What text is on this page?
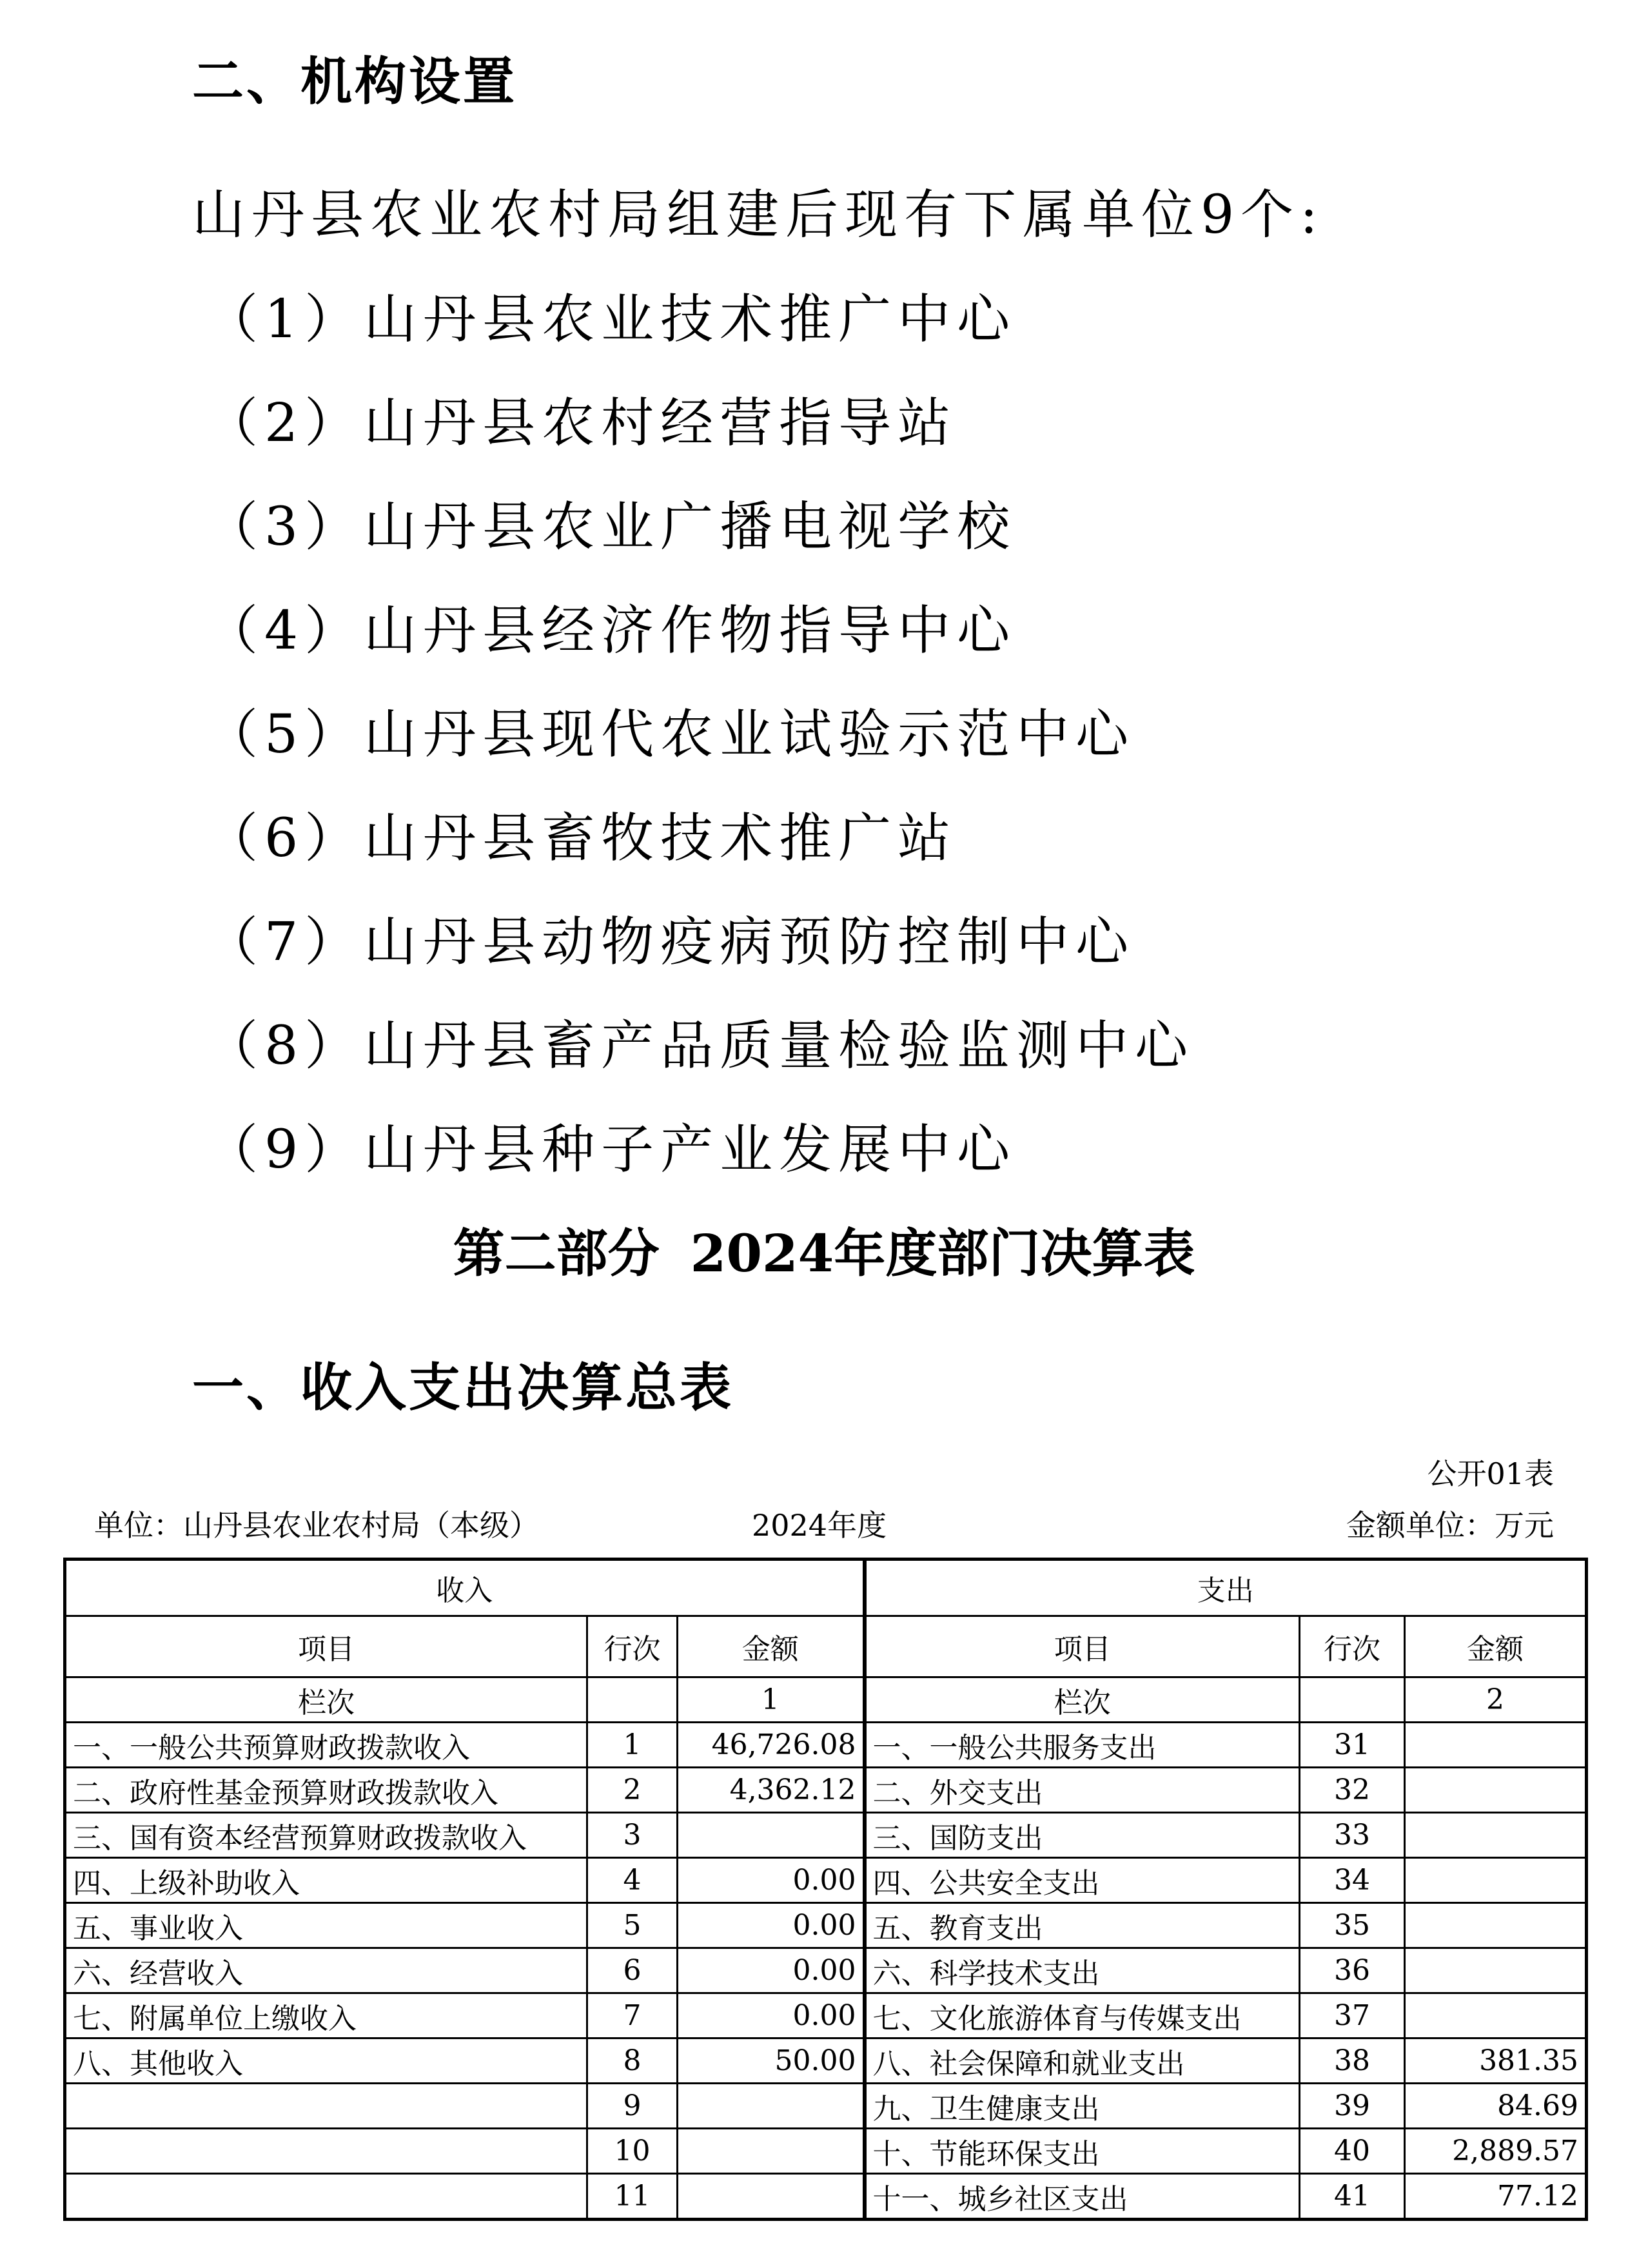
二、机构设置

山丹县农业农村局组建后现有下属单位9个:

（1）山丹县农业技术推广中心
（2）山丹县农村经营指导站
（3）山丹县农业广播电视学校
（4）山丹县经济作物指导中心
（5）山丹县现代农业试验示范中心
（6）山丹县畜牧技术推广站
（7）山丹县动物疫病预防控制中心
（8）山丹县畜产品质量检验监测中心
（9）山丹县种子产业发展中心
第二部分 2024年度部门决算表
一、收入支出决算总表
公开01表
单位：山丹县农业农村局（本级）	2024年度	金额单位：万元
收入			支出		
项目	行次	金额	项目	行次	金额
栏次		1	栏次		2
一、一般公共预算财政拨款收入	1	46,726.08	一、一般公共服务支出	31	
二、政府性基金预算财政拨款收入	2	4,362.12	二、外交支出	32	
三、国有资本经营预算财政拨款收入	3		三、国防支出	33	
四、上级补助收入	4	0.00	四、公共安全支出	34	
五、事业收入	5	0.00	五、教育支出	35	
六、经营收入	6	0.00	六、科学技术支出	36	
七、附属单位上缴收入	7	0.00	七、文化旅游体育与传媒支出	37	
八、其他收入	8	50.00	八、社会保障和就业支出	38	381.35
	9		九、卫生健康支出	39	84.69
	10		十、节能环保支出	40	2,889.57
	11		十一、城乡社区支出	41	77.12
